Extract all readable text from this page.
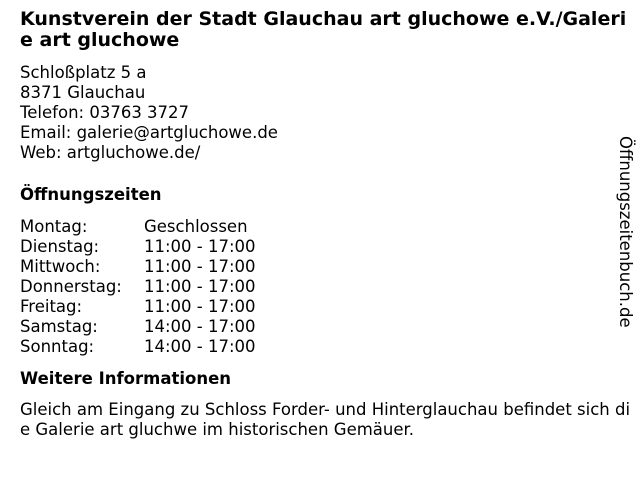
Kunstverein der Stadt Glauchau art gluchowe e.V./Galerie art gluchowe
Schloßplatz 5 a
8371 Glauchau
Telefon: 03763 3727
Email: galerie@artgluchowe.de
Web: artgluchowe.de/
Öffnungszeiten
Montag:	Geschlossen
Dienstag:	11:00 - 17:00
Mittwoch:	11:00 - 17:00
Donnerstag:	11:00 - 17:00
Freitag:	11:00 - 17:00
Samstag:	14:00 - 17:00
Sonntag:	14:00 - 17:00
Weitere Informationen
Gleich am Eingang zu Schloss Forder- und Hinterglauchau befindet sich die Galerie art gluchwe im historischen Gemäuer.
Öffnungszeitenbuch.de
